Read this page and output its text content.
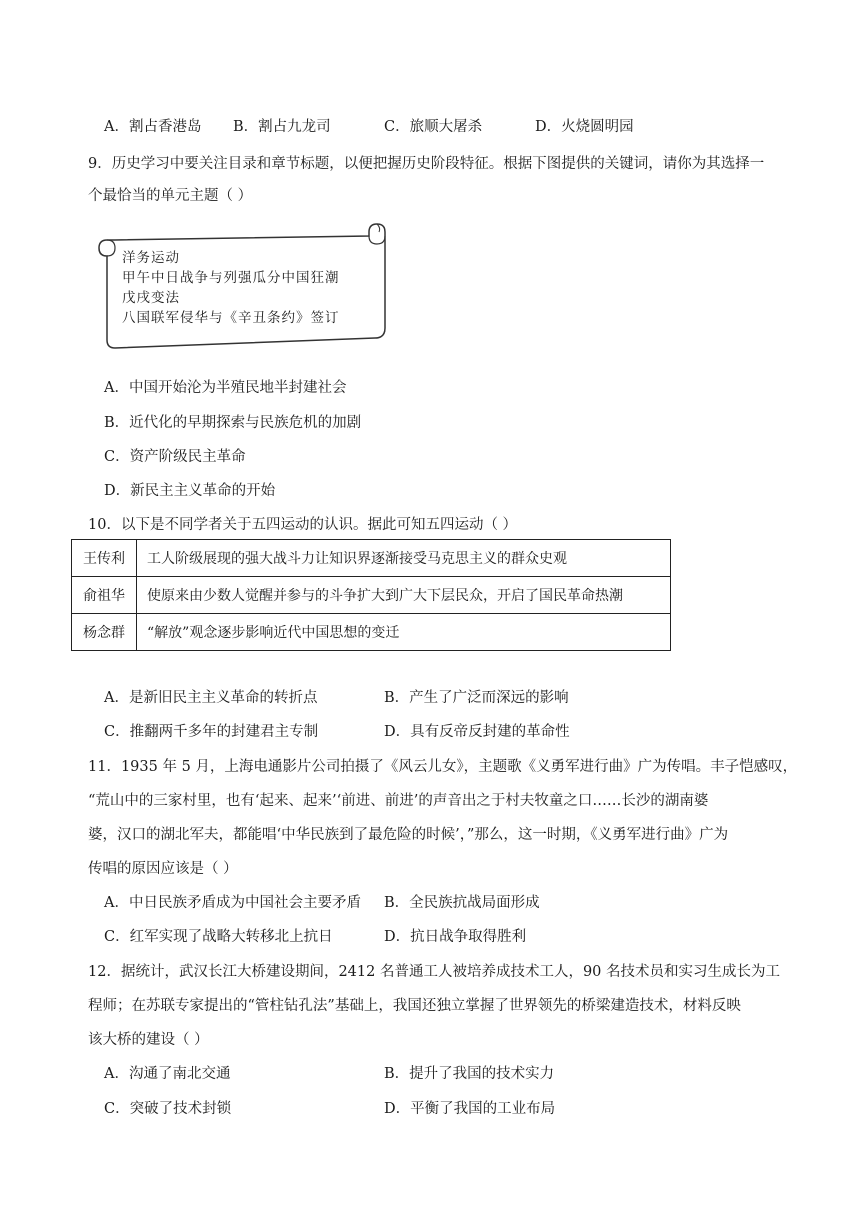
A．割占香港岛 B．割占九龙司	C．旅顺大屠杀	D．火烧圆明园
9．历史学习中要关注目录和章节标题，以便把握历史阶段特征。根据下图提供的关键词，请你为其选择一
个最恰当的单元主题（ ）
洋务运动
甲午中日战争与列强瓜分中国狂潮
戊戌变法
八国联军侵华与《辛丑条约》签订
A．中国开始沦为半殖民地半封建社会
B．近代化的早期探索与民族危机的加剧
C．资产阶级民主革命
D．新民主主义革命的开始
10．以下是不同学者关于五四运动的认识。据此可知五四运动（ ）
王传利	工人阶级展现的强大战斗力让知识界逐渐接受马克思主义的群众史观
俞祖华	使原来由少数人觉醒并参与的斗争扩大到广大下层民众，开启了国民革命热潮
杨念群	“解放”观念逐步影响近代中国思想的变迁
A．是新旧民主主义革命的转折点	B．产生了广泛而深远的影响
C．推翻两千多年的封建君主专制	D．具有反帝反封建的革命性
11．1935 年 5 月，上海电通影片公司拍摄了《风云儿女》，主题歌《义勇军进行曲》广为传唱。丰子恺感叹，
“荒山中的三家村里，也有‘起来、起来’‘前进、前进’的声音出之于村夫牧童之口……长沙的湖南婆
婆，汉口的湖北军夫，都能唱‘中华民族到了最危险的时候’，”那么，这一时期，《义勇军进行曲》广为
传唱的原因应该是（ ）
A．中日民族矛盾成为中国社会主要矛盾 B．全民族抗战局面形成
C．红军实现了战略大转移北上抗日	D．抗日战争取得胜利
12．据统计，武汉长江大桥建设期间，2412 名普通工人被培养成技术工人，90 名技术员和实习生成长为工
程师；在苏联专家提出的“管柱钻孔法”基础上，我国还独立掌握了世界领先的桥梁建造技术，材料反映
该大桥的建设（ ）
A．沟通了南北交通	B．提升了我国的技术实力
C．突破了技术封锁	D．平衡了我国的工业布局
